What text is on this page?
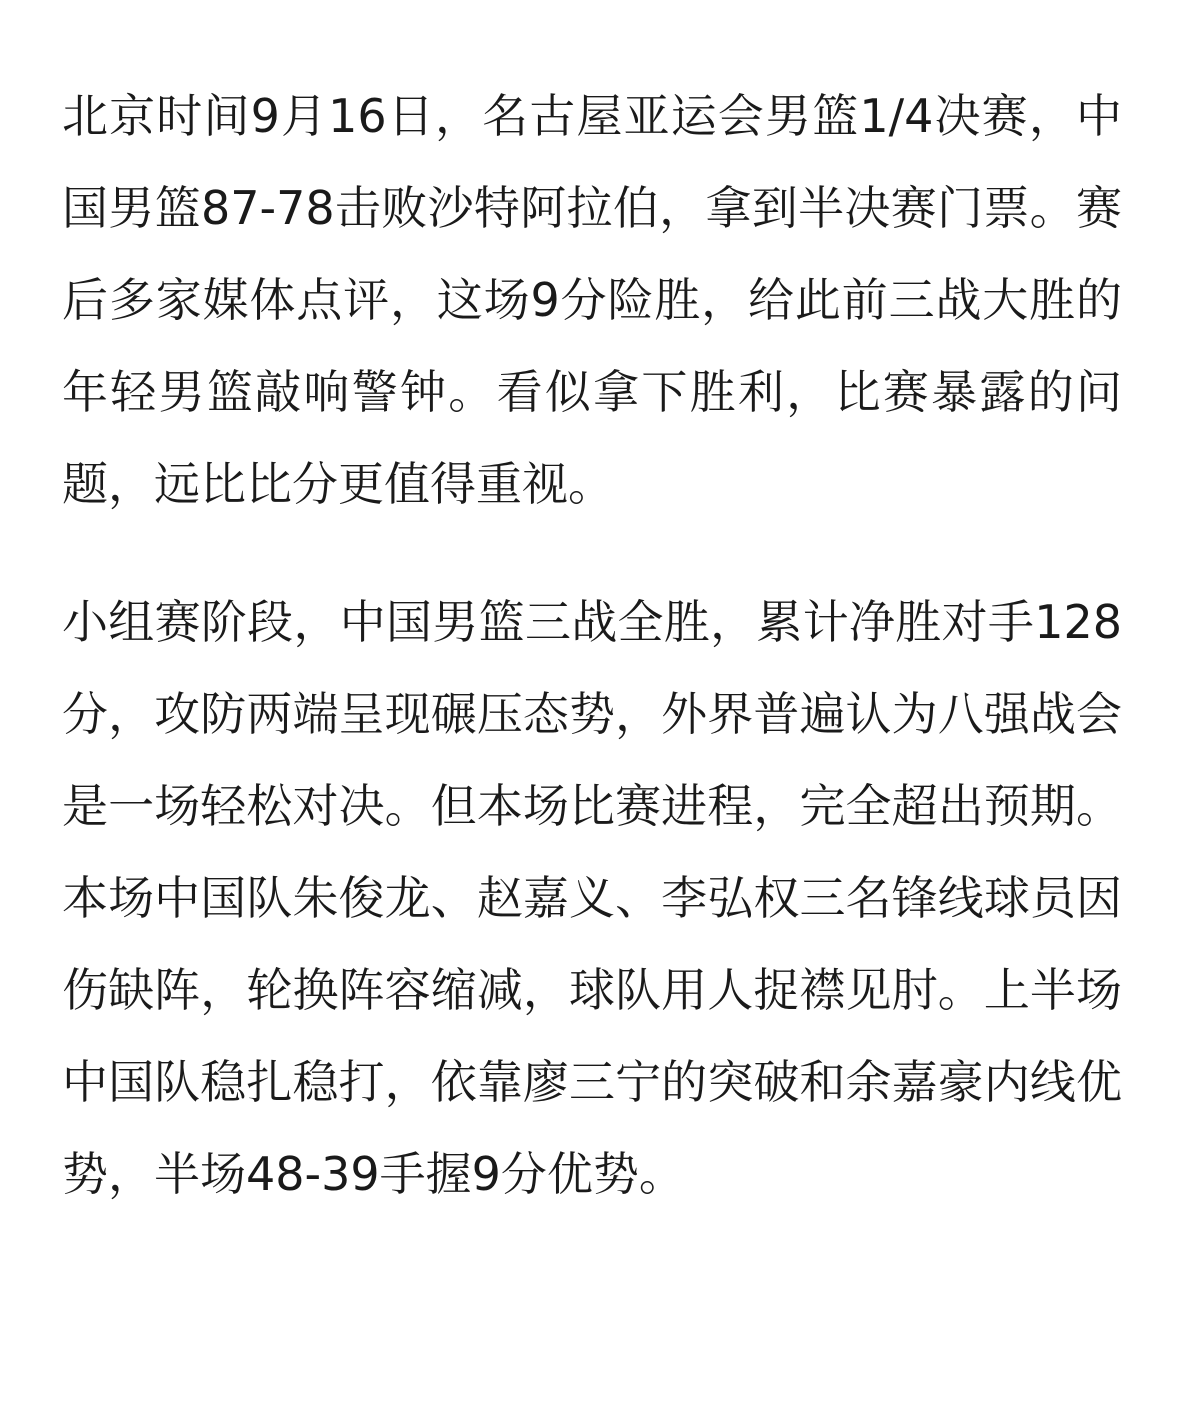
北京时间9月16日，名古屋亚运会男篮1/4决赛，中国男篮87-78击败沙特阿拉伯，拿到半决赛门票。赛后多家媒体点评，这场9分险胜，给此前三战大胜的年轻男篮敲响警钟。看似拿下胜利，比赛暴露的问题，远比比分更值得重视。

小组赛阶段，中国男篮三战全胜，累计净胜对手128分，攻防两端呈现碾压态势，外界普遍认为八强战会是一场轻松对决。但本场比赛进程，完全超出预期。本场中国队朱俊龙、赵嘉义、李弘权三名锋线球员因伤缺阵，轮换阵容缩减，球队用人捉襟见肘。上半场中国队稳扎稳打，依靠廖三宁的突破和余嘉豪内线优势，半场48-39手握9分优势。
